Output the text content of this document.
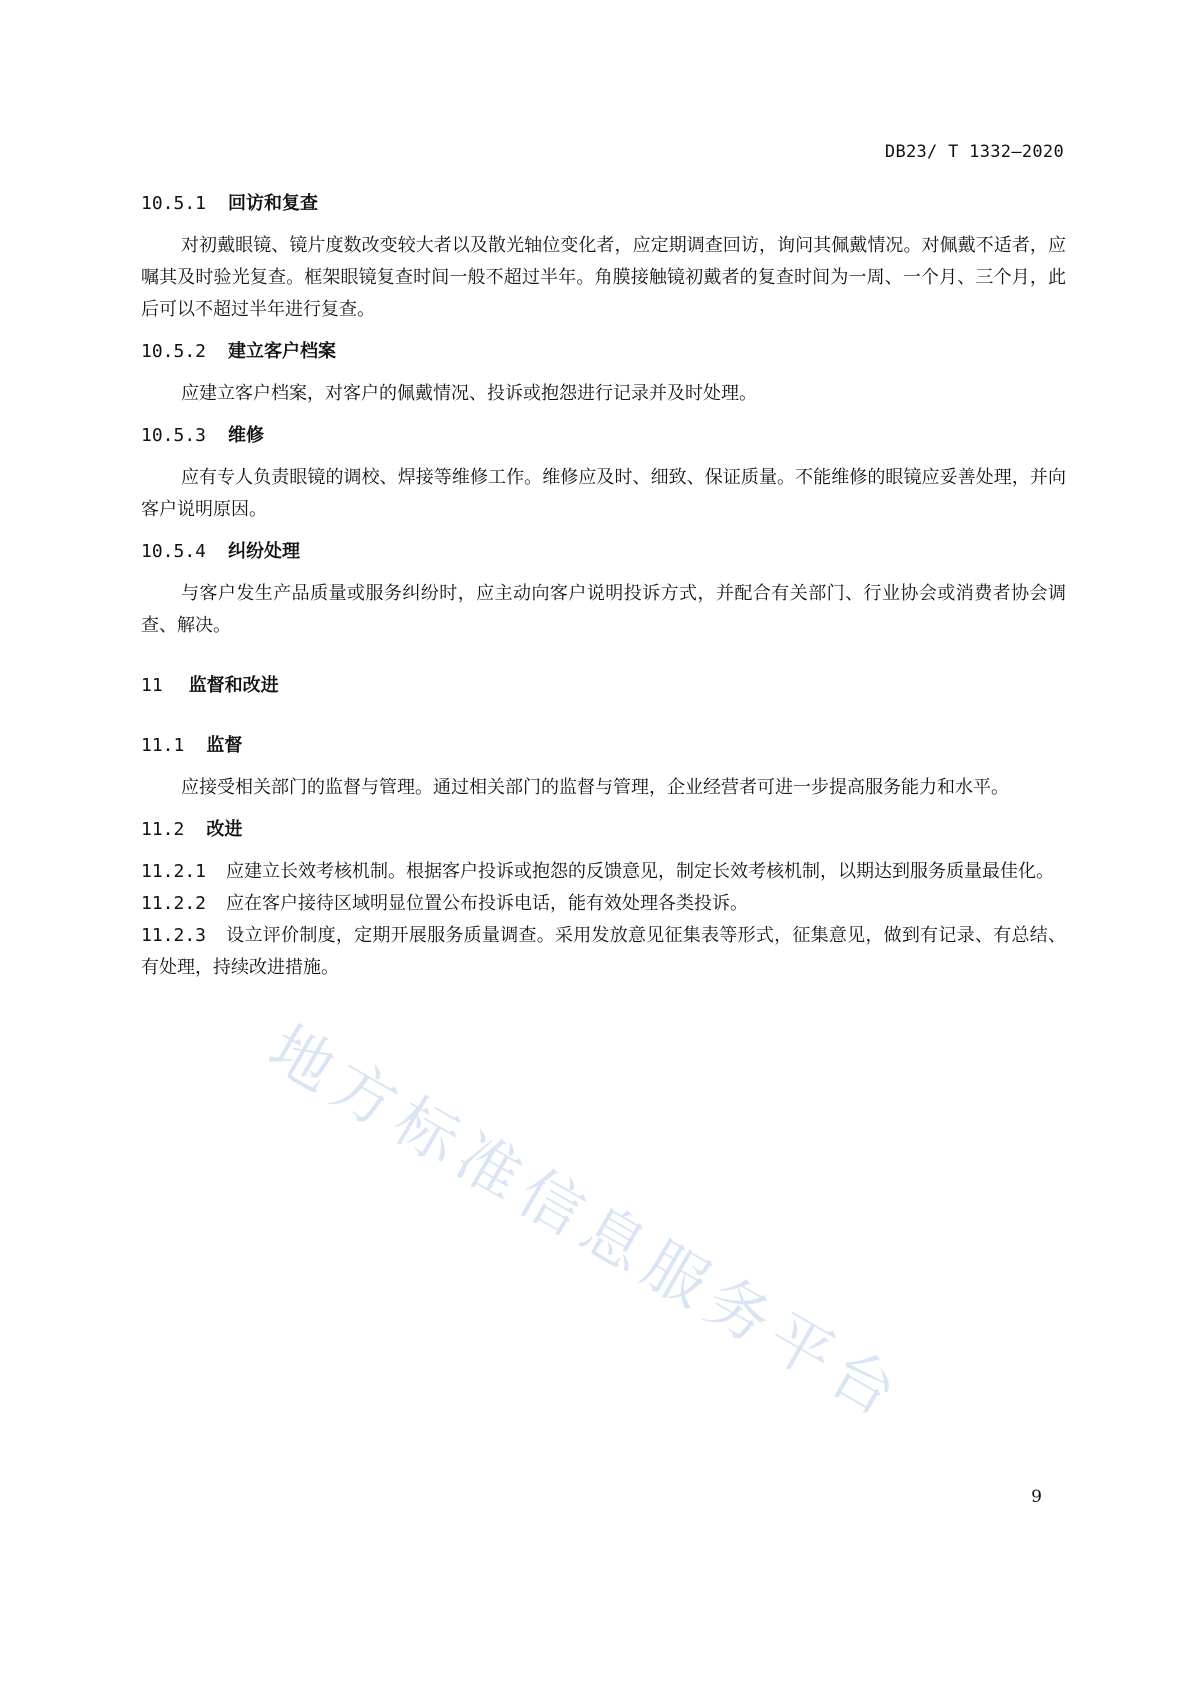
DB23/ T 1332—2020

10.5.1 回访和复查

对初戴眼镜、镜片度数改变较大者以及散光轴位变化者，应定期调查回访，询问其佩戴情况。对佩戴不适者，应嘱其及时验光复查。框架眼镜复查时间一般不超过半年。角膜接触镜初戴者的复查时间为一周、一个月、三个月，此后可以不超过半年进行复查。

10.5.2 建立客户档案

应建立客户档案，对客户的佩戴情况、投诉或抱怨进行记录并及时处理。

10.5.3 维修

应有专人负责眼镜的调校、焊接等维修工作。维修应及时、细致、保证质量。不能维修的眼镜应妥善处理，并向客户说明原因。

10.5.4 纠纷处理

与客户发生产品质量或服务纠纷时，应主动向客户说明投诉方式，并配合有关部门、行业协会或消费者协会调查、解决。

11 监督和改进

11.1 监督

应接受相关部门的监督与管理。通过相关部门的监督与管理，企业经营者可进一步提高服务能力和水平。

11.2 改进

11.2.1 应建立长效考核机制。根据客户投诉或抱怨的反馈意见，制定长效考核机制，以期达到服务质量最佳化。

11.2.2 应在客户接待区域明显位置公布投诉电话，能有效处理各类投诉。

11.2.3 设立评价制度，定期开展服务质量调查。采用发放意见征集表等形式，征集意见，做到有记录、有总结、有处理，持续改进措施。

地方标准信息服务平台
9
